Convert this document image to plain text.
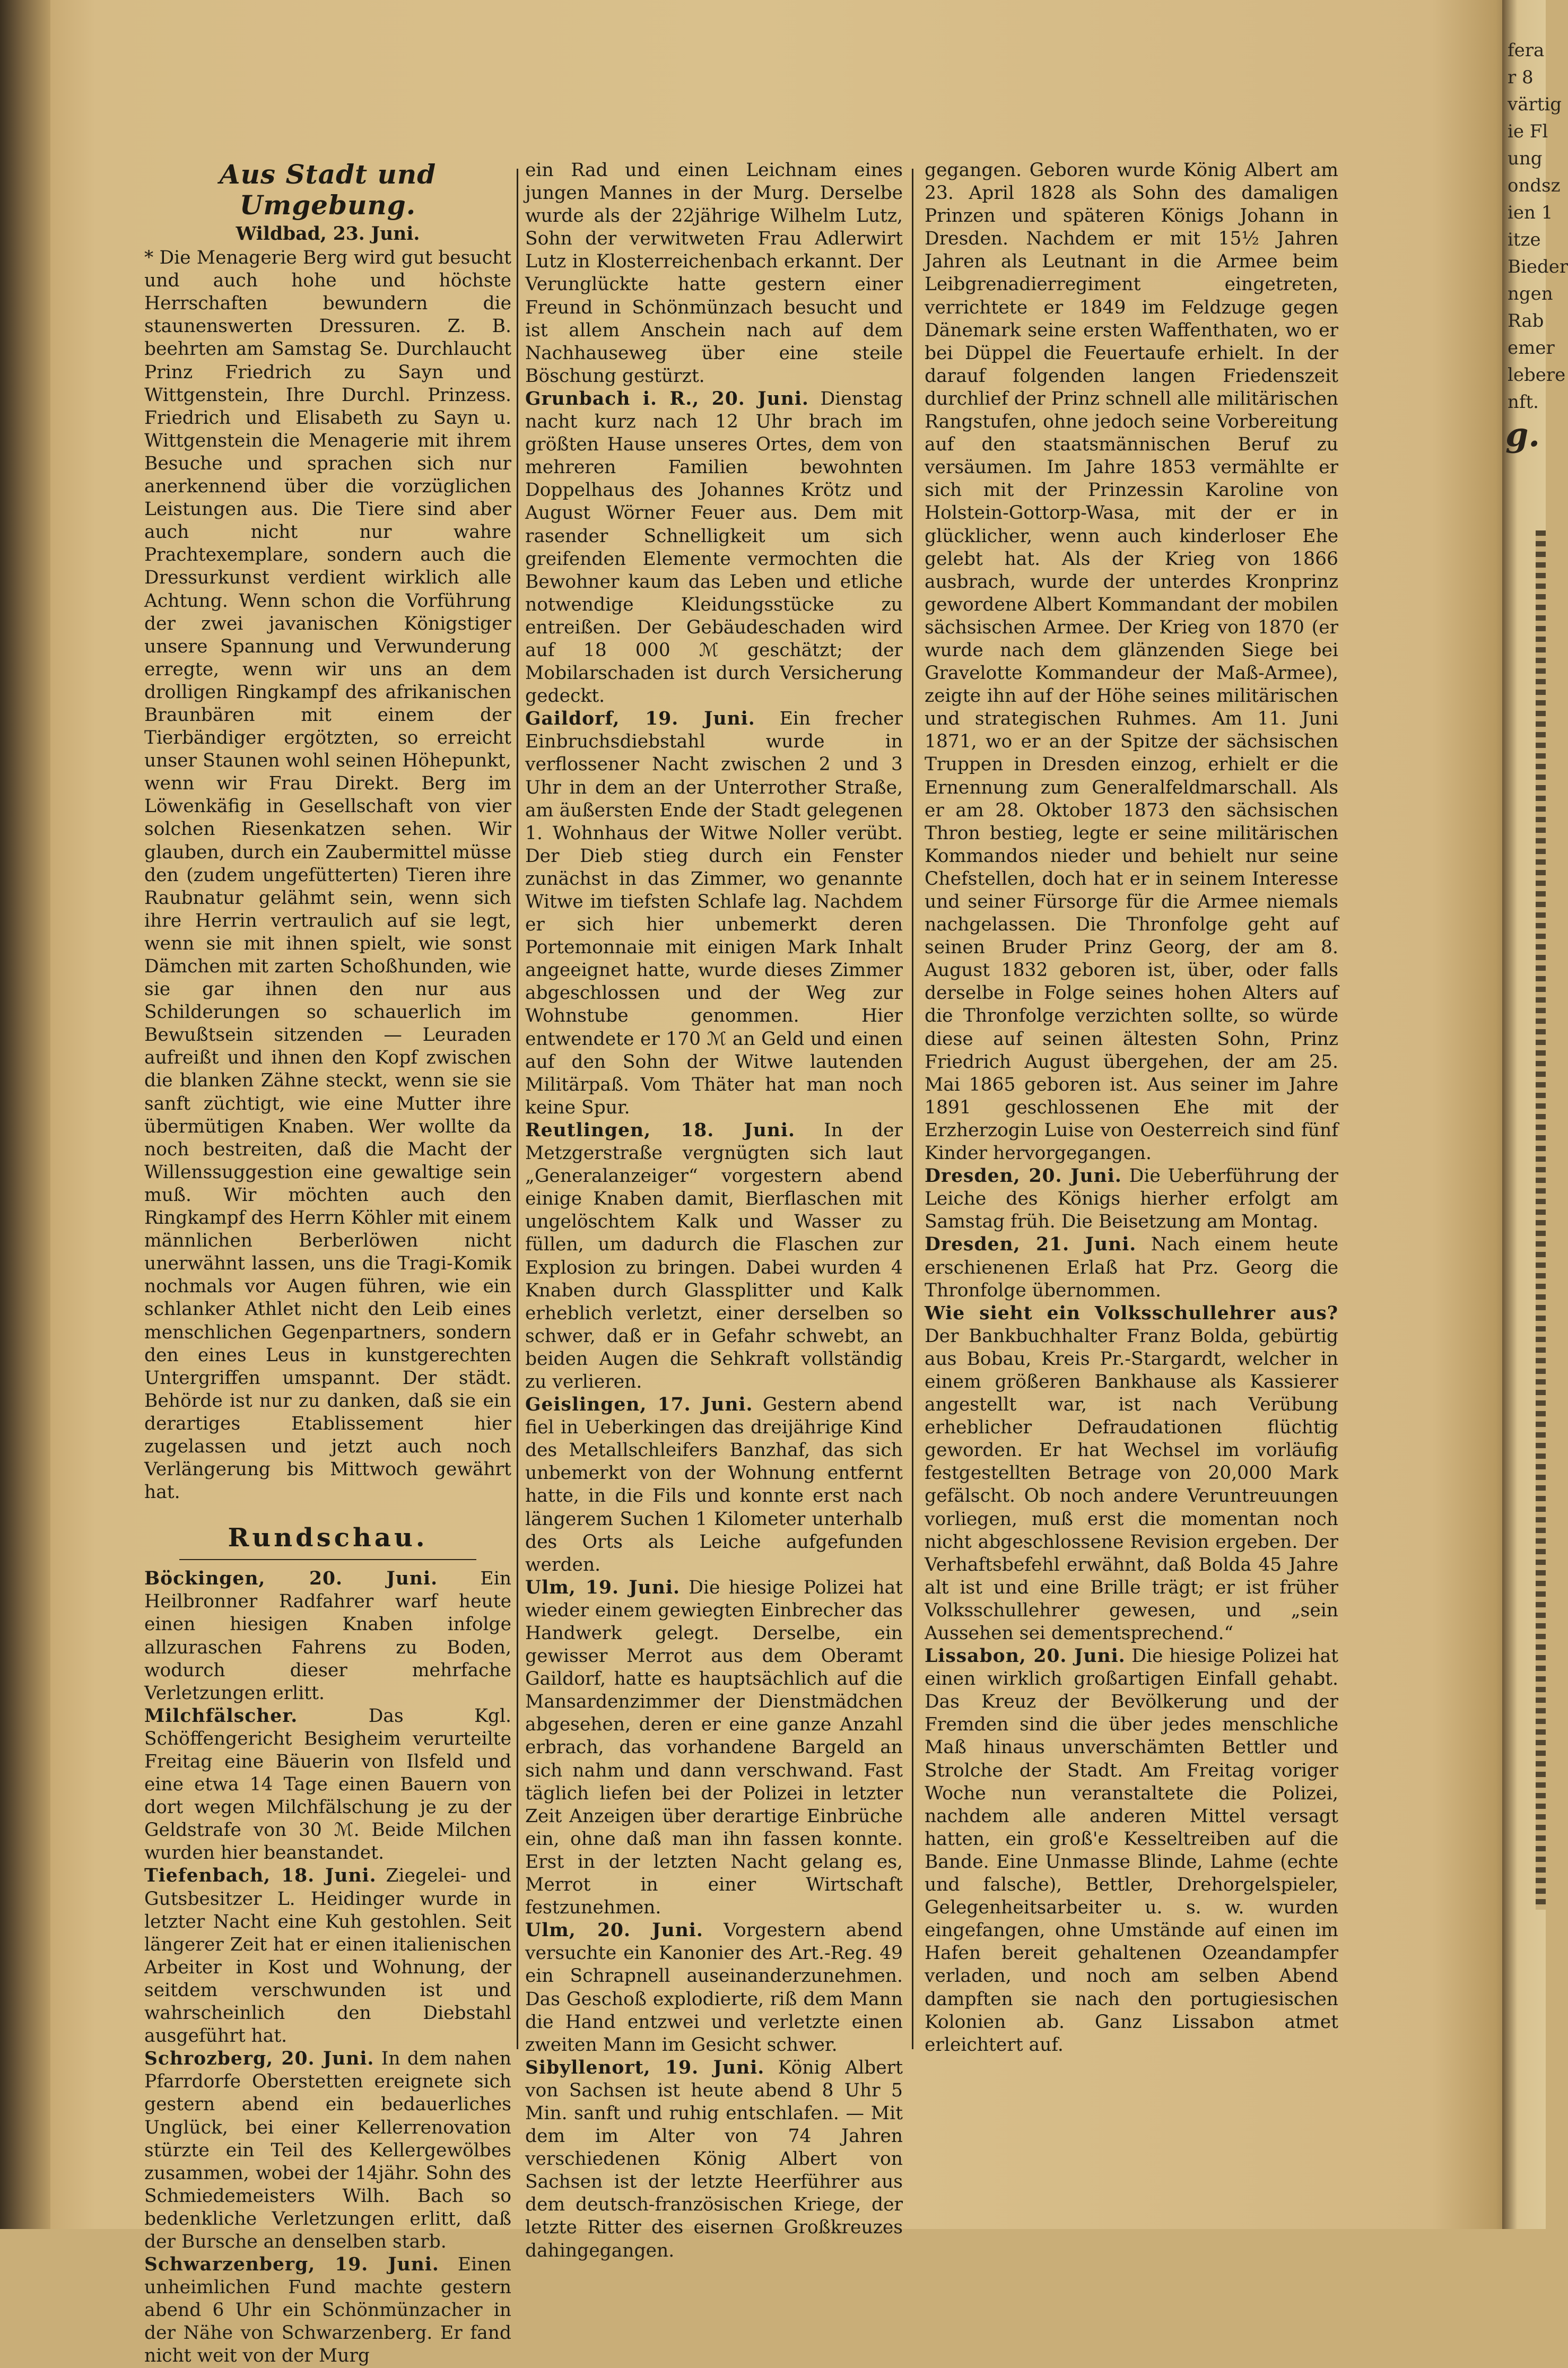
fera
r 8
värtig
ie Fl
ung
ondsz
ien 1
itze
Bieder
ngen
Rab
emer
lebere
nft.
g.
Aus Stadt und Umgebung.
Wildbad, 23. Juni.

* Die Menagerie Berg wird gut besucht und auch hohe und höchste Herrschaften bewundern die staunenswerten Dressuren. Z. B. beehrten am Samstag Se. Durchlaucht Prinz Friedrich zu Sayn und Wittgenstein, Ihre Durchl. Prinzess. Friedrich und Elisabeth zu Sayn u. Wittgenstein die Menagerie mit ihrem Besuche und sprachen sich nur anerkennend über die vorzüglichen Leistungen aus. Die Tiere sind aber auch nicht nur wahre Prachtexemplare, sondern auch die Dressurkunst verdient wirklich alle Achtung. Wenn schon die Vorführung der zwei javanischen Königstiger unsere Spannung und Verwunderung erregte, wenn wir uns an dem drolligen Ringkampf des afrikanischen Braunbären mit einem der Tierbändiger ergötzten, so erreicht unser Staunen wohl seinen Höhepunkt, wenn wir Frau Direkt. Berg im Löwenkäfig in Gesellschaft von vier solchen Riesenkatzen sehen. Wir glauben, durch ein Zaubermittel müsse den (zudem ungefütterten) Tieren ihre Raubnatur gelähmt sein, wenn sich ihre Herrin vertraulich auf sie legt, wenn sie mit ihnen spielt, wie sonst Dämchen mit zarten Schoßhunden, wie sie gar ihnen den nur aus Schilderungen so schauerlich im Bewußtsein sitzenden — Leuraden aufreißt und ihnen den Kopf zwischen die blanken Zähne steckt, wenn sie sie sanft züchtigt, wie eine Mutter ihre übermütigen Knaben. Wer wollte da noch bestreiten, daß die Macht der Willenssuggestion eine gewaltige sein muß. Wir möchten auch den Ringkampf des Herrn Köhler mit einem männlichen Berberlöwen nicht unerwähnt lassen, uns die Tragi-Komik nochmals vor Augen führen, wie ein schlanker Athlet nicht den Leib eines menschlichen Gegenpartners, sondern den eines Leus in kunstgerechten Untergriffen umspannt. Der städt. Behörde ist nur zu danken, daß sie ein derartiges Etablissement hier zugelassen und jetzt auch noch Verlängerung bis Mittwoch gewährt hat.

Rundschau.

Böckingen, 20. Juni. Ein Heilbronner Radfahrer warf heute einen hiesigen Knaben infolge allzuraschen Fahrens zu Boden, wodurch dieser mehrfache Verletzungen erlitt.

Milchfälscher.	Das Kgl. Schöffengericht Besigheim verurteilte Freitag eine Bäuerin von Ilsfeld und eine etwa 14 Tage einen Bauern von dort wegen Milchfälschung je zu der Geldstrafe von 30 ℳ. Beide Milchen wurden hier beanstandet.

Tiefenbach, 18. Juni. Ziegelei- und Gutsbesitzer L. Heidinger wurde in letzter Nacht eine Kuh gestohlen. Seit längerer Zeit hat er einen italienischen Arbeiter in Kost und Wohnung, der seitdem verschwunden ist und wahrscheinlich den Diebstahl ausgeführt hat.

Schrozberg, 20. Juni. In dem nahen Pfarrdorfe Oberstetten ereignete sich gestern abend ein bedauerliches Unglück, bei einer Kellerrenovation stürzte ein Teil des Kellergewölbes zusammen, wobei der 14jähr. Sohn des Schmiedemeisters Wilh. Bach so bedenkliche Verletzungen erlitt, daß der Bursche an denselben starb.

Schwarzenberg, 19. Juni. Einen unheimlichen Fund machte gestern abend 6 Uhr ein Schönmünzacher in der Nähe von Schwarzenberg. Er fand nicht weit von der Murg

ein Rad und einen Leichnam eines jungen Mannes in der Murg. Derselbe wurde als der 22jährige Wilhelm Lutz, Sohn der verwitweten Frau Adlerwirt Lutz in Klosterreichenbach erkannt. Der Verunglückte hatte gestern einer Freund in Schönmünzach besucht und ist allem Anschein nach auf dem Nachhauseweg über eine steile Böschung gestürzt.

Grunbach i. R., 20. Juni. Dienstag nacht kurz nach 12 Uhr brach im größten Hause unseres Ortes, dem von mehreren Familien bewohnten Doppelhaus des Johannes Krötz und August Wörner Feuer aus. Dem mit rasender Schnelligkeit um sich greifenden Elemente vermochten die Bewohner kaum das Leben und etliche notwendige Kleidungsstücke zu entreißen. Der Gebäudeschaden wird auf 18 000 ℳ geschätzt; der Mobilarschaden ist durch Versicherung gedeckt.

Gaildorf, 19. Juni. Ein frecher Einbruchsdiebstahl wurde in verflossener Nacht zwischen 2 und 3 Uhr in dem an der Unterrother Straße, am äußersten Ende der Stadt gelegenen 1. Wohnhaus der Witwe Noller verübt. Der Dieb stieg durch ein Fenster zunächst in das Zimmer, wo genannte Witwe im tiefsten Schlafe lag. Nachdem er sich hier unbemerkt deren Portemonnaie mit einigen Mark Inhalt angeeignet hatte, wurde dieses Zimmer abgeschlossen und der Weg zur Wohnstube genommen. Hier entwendete er 170 ℳ an Geld und einen auf den Sohn der Witwe lautenden Militärpaß. Vom Thäter hat man noch keine Spur.

Reutlingen, 18. Juni. In der Metzgerstraße vergnügten sich laut „Generalanzeiger“ vorgestern abend einige Knaben damit, Bierflaschen mit ungelöschtem Kalk und Wasser zu füllen, um dadurch die Flaschen zur Explosion zu bringen. Dabei wurden 4 Knaben durch Glassplitter und Kalk erheblich verletzt, einer derselben so schwer, daß er in Gefahr schwebt, an beiden Augen die Sehkraft vollständig zu verlieren.

Geislingen, 17. Juni. Gestern abend fiel in Ueberkingen das dreijährige Kind des Metallschleifers Banzhaf, das sich unbemerkt von der Wohnung entfernt hatte, in die Fils und konnte erst nach längerem Suchen 1 Kilometer unterhalb des Orts als Leiche aufgefunden werden.

Ulm, 19. Juni. Die hiesige Polizei hat wieder einem gewiegten Einbrecher das Handwerk gelegt. Derselbe, ein gewisser Merrot aus dem Oberamt Gaildorf, hatte es hauptsächlich auf die Mansardenzimmer der Dienstmädchen abgesehen, deren er eine ganze Anzahl erbrach, das vorhandene Bargeld an sich nahm und dann verschwand. Fast täglich liefen bei der Polizei in letzter Zeit Anzeigen über derartige Einbrüche ein, ohne daß man ihn fassen konnte. Erst in der letzten Nacht gelang es, Merrot in einer Wirtschaft festzunehmen.

Ulm, 20. Juni. Vorgestern abend versuchte ein Kanonier des Art.-Reg. 49 ein Schrapnell auseinanderzunehmen. Das Geschoß explodierte, riß dem Mann die Hand entzwei und verletzte einen zweiten Mann im Gesicht schwer.

Sibyllenort, 19. Juni. König Albert von Sachsen ist heute abend 8 Uhr 5 Min. sanft und ruhig entschlafen. — Mit dem im Alter von 74 Jahren verschiedenen König Albert von Sachsen ist der letzte Heerführer aus dem deutsch-französischen Kriege, der letzte Ritter des eisernen Großkreuzes dahingegangen.

gegangen. Geboren wurde König Albert am 23. April 1828 als Sohn des damaligen Prinzen und späteren Königs Johann in Dresden. Nachdem er mit 15½ Jahren Jahren als Leutnant in die Armee beim Leibgrenadierregiment eingetreten, verrichtete er 1849 im Feldzuge gegen Dänemark seine ersten Waffenthaten, wo er bei Düppel die Feuertaufe erhielt. In der darauf folgenden langen Friedenszeit durchlief der Prinz schnell alle militärischen Rangstufen, ohne jedoch seine Vorbereitung auf den staatsmännischen Beruf zu versäumen. Im Jahre 1853 vermählte er sich mit der Prinzessin Karoline von Holstein-Gottorp-Wasa, mit der er in glücklicher, wenn auch kinderloser Ehe gelebt hat. Als der Krieg von 1866 ausbrach, wurde der unterdes Kronprinz gewordene Albert Kommandant der mobilen sächsischen Armee. Der Krieg von 1870 (er wurde nach dem glänzenden Siege bei Gravelotte Kommandeur der Maß-Armee), zeigte ihn auf der Höhe seines militärischen und strategischen Ruhmes. Am 11. Juni 1871, wo er an der Spitze der sächsischen Truppen in Dresden einzog, erhielt er die Ernennung zum Generalfeldmarschall. Als er am 28. Oktober 1873 den sächsischen Thron bestieg, legte er seine militärischen Kommandos nieder und behielt nur seine Chefstellen, doch hat er in seinem Interesse und seiner Fürsorge für die Armee niemals nachgelassen. Die Thronfolge geht auf seinen Bruder Prinz Georg, der am 8. August 1832 geboren ist, über, oder falls derselbe in Folge seines hohen Alters auf die Thronfolge verzichten sollte, so würde diese auf seinen ältesten Sohn, Prinz Friedrich August übergehen, der am 25. Mai 1865 geboren ist. Aus seiner im Jahre 1891 geschlossenen Ehe mit der Erzherzogin Luise von Oesterreich sind fünf Kinder hervorgegangen.

Dresden, 20. Juni. Die Ueberführung der Leiche des Königs hierher erfolgt am Samstag früh. Die Beisetzung am Montag.

Dresden, 21. Juni. Nach einem heute erschienenen Erlaß hat Prz. Georg die Thronfolge übernommen.

Wie sieht ein Volksschullehrer aus? Der Bankbuchhalter Franz Bolda, gebürtig aus Bobau, Kreis Pr.-Stargardt, welcher in einem größeren Bankhause als Kassierer angestellt war, ist nach Verübung erheblicher Defraudationen flüchtig geworden. Er hat Wechsel im vorläufig festgestellten Betrage von 20,000 Mark gefälscht. Ob noch andere Veruntreuungen vorliegen, muß erst die momentan noch nicht abgeschlossene Revision ergeben. Der Verhaftsbefehl erwähnt, daß Bolda 45 Jahre alt ist und eine Brille trägt; er ist früher Volksschullehrer gewesen, und „sein Aussehen sei dementsprechend.“

Lissabon, 20. Juni. Die hiesige Polizei hat einen wirklich großartigen Einfall gehabt. Das Kreuz der Bevölkerung und der Fremden sind die über jedes menschliche Maß hinaus unverschämten Bettler und Strolche der Stadt. Am Freitag voriger Woche nun veranstaltete die Polizei, nachdem alle anderen Mittel versagt hatten, ein groß'e Kesseltreiben auf die Bande. Eine Unmasse Blinde, Lahme (echte und falsche), Bettler, Drehorgelspieler, Gelegenheitsarbeiter u. s. w. wurden eingefangen, ohne Umstände auf einen im Hafen bereit gehaltenen Ozeandampfer verladen, und noch am selben Abend dampften sie nach den portugiesischen Kolonien ab. Ganz Lissabon atmet erleichtert auf.
